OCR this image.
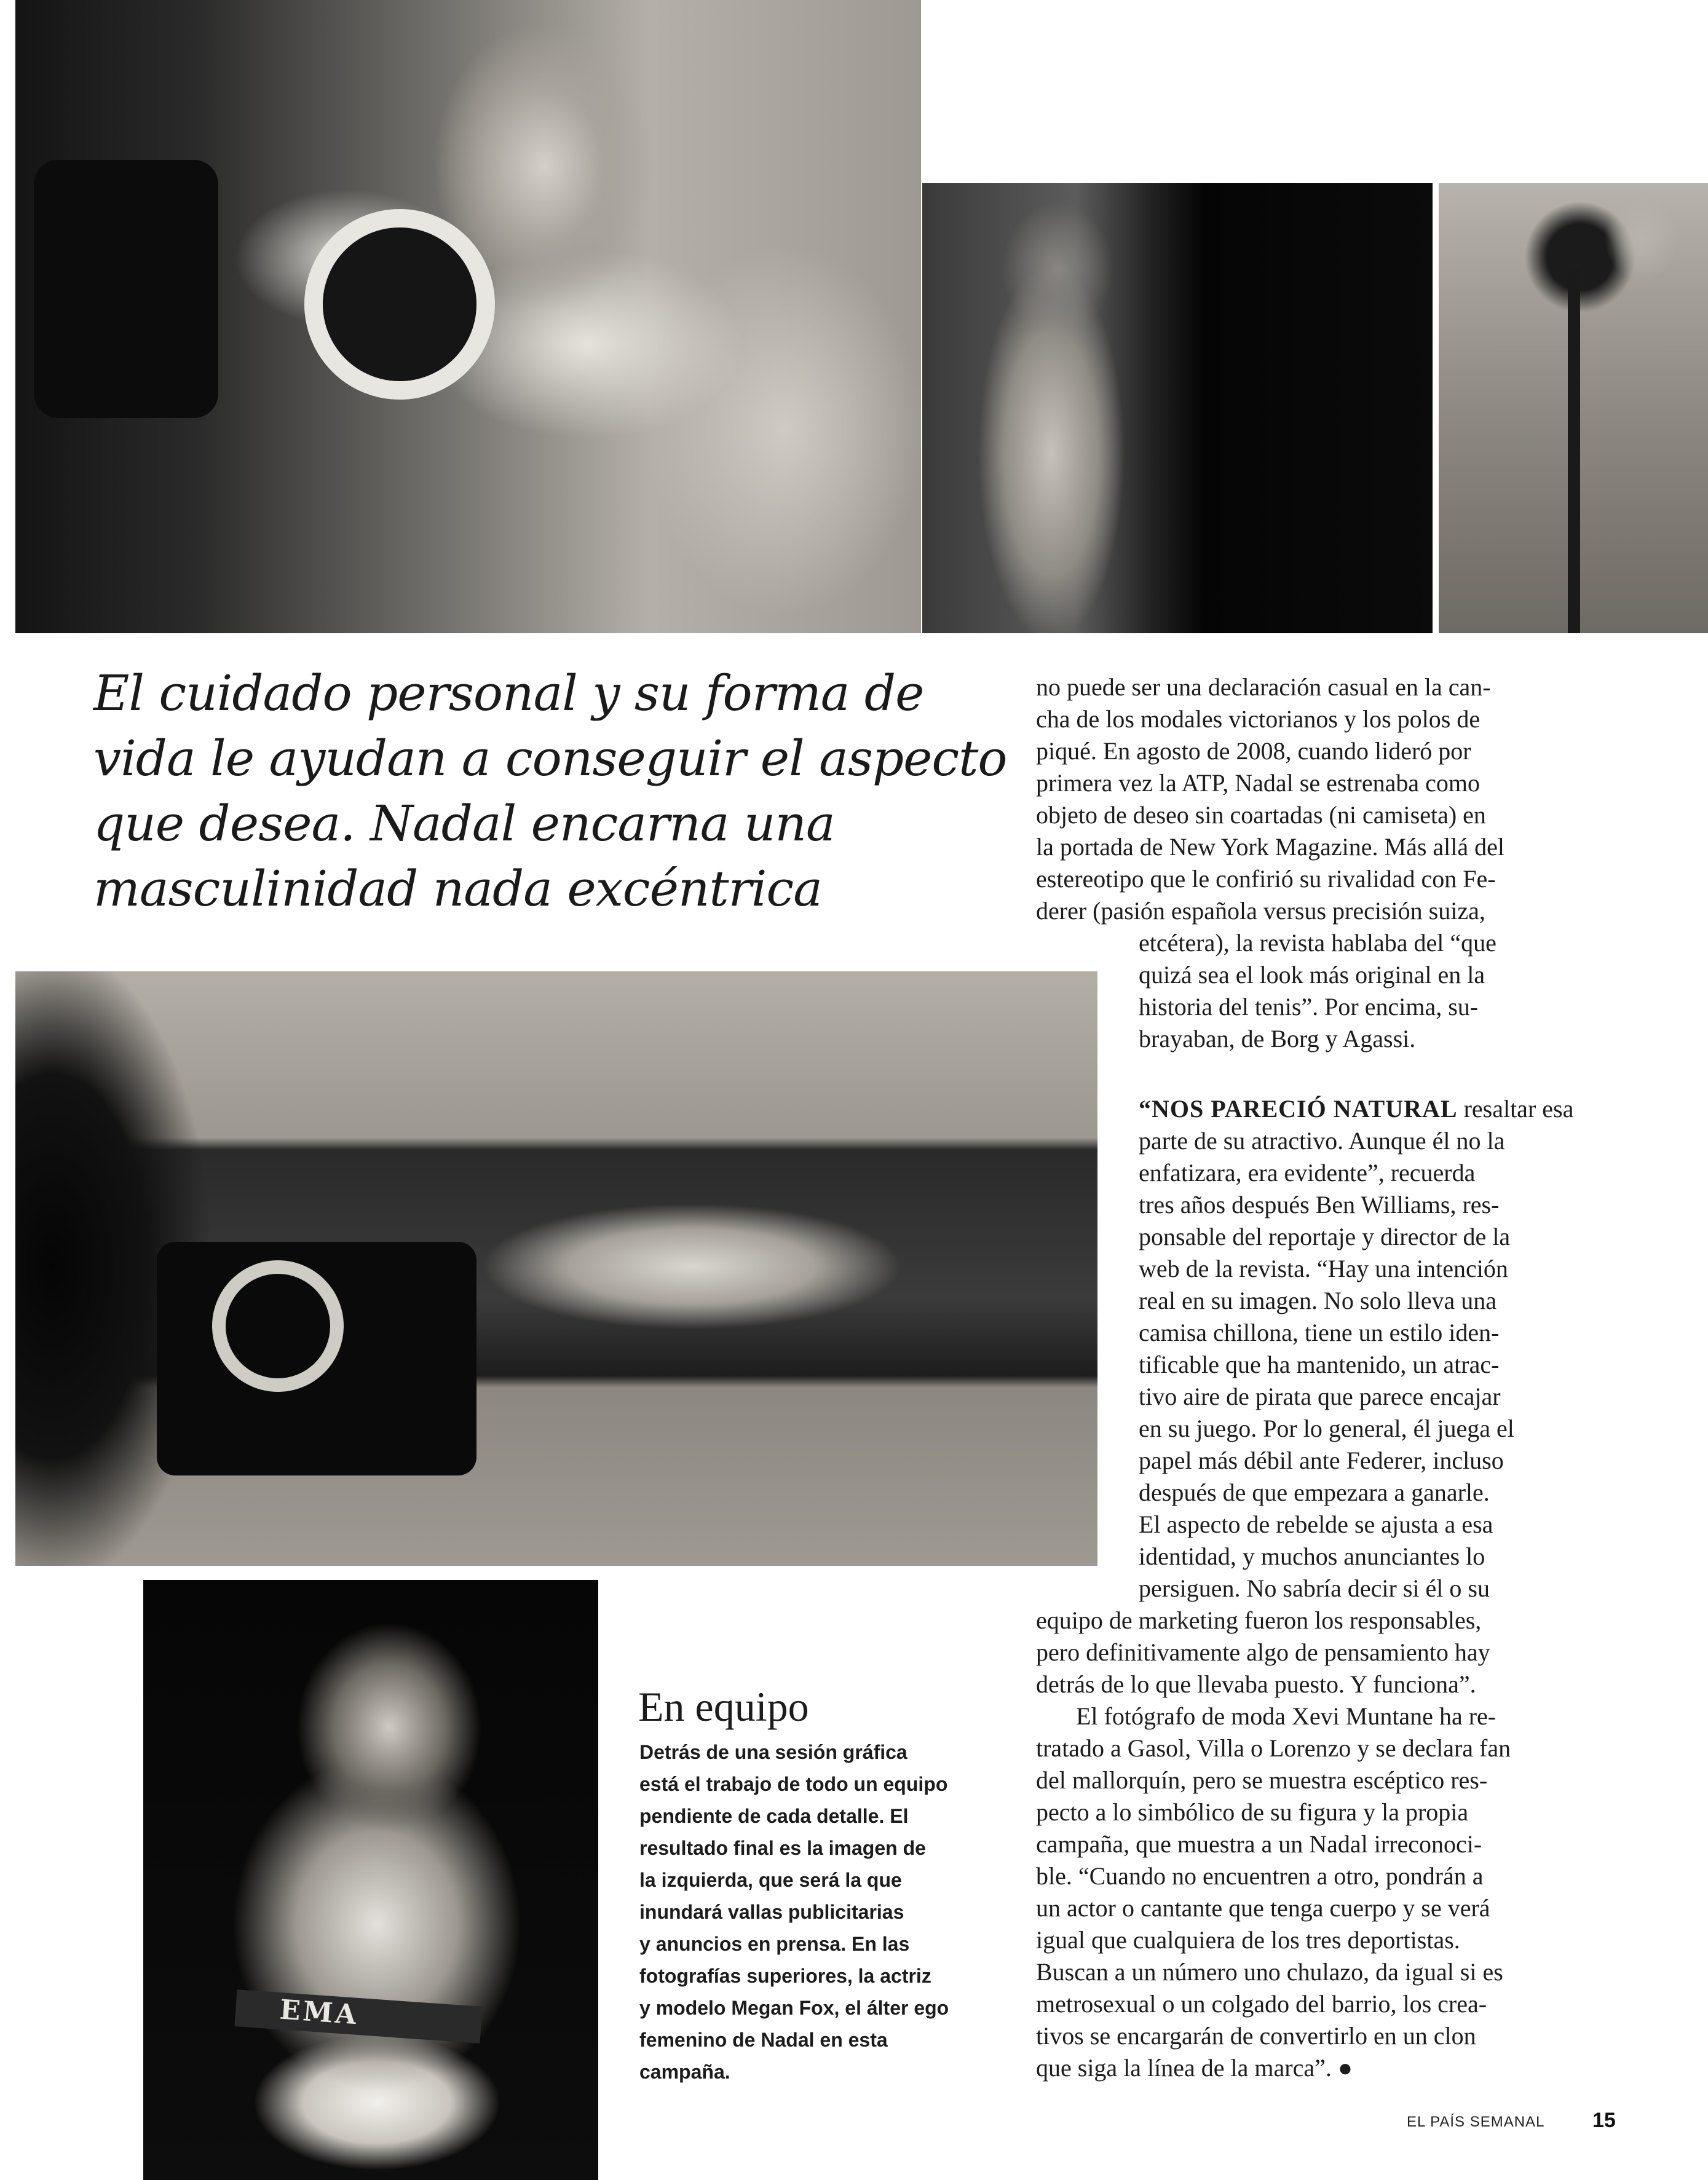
EMA

El cuidado personal y su forma de
vida le ayudan a conseguir el aspecto
que desea. Nadal encarna una
masculinidad nada excéntrica

no puede ser una declaración casual en la can-
cha de los modales victorianos y los polos de
piqué. En agosto de 2008, cuando lideró por
primera vez la ATP, Nadal se estrenaba como
objeto de deseo sin coartadas (ni camiseta) en
la portada de New York Magazine. Más allá del
estereotipo que le confirió su rivalidad con Fe-
derer (pasión española versus precisión suiza,
etcétera), la revista hablaba del “que
quizá sea el look más original en la
historia del tenis”. Por encima, su-
brayaban, de Borg y Agassi.
“NOS PARECIÓ NATURAL resaltar esa
parte de su atractivo. Aunque él no la
enfatizara, era evidente”, recuerda
tres años después Ben Williams, res-
ponsable del reportaje y director de la
web de la revista. “Hay una intención
real en su imagen. No solo lleva una
camisa chillona, tiene un estilo iden-
tificable que ha mantenido, un atrac-
tivo aire de pirata que parece encajar
en su juego. Por lo general, él juega el
papel más débil ante Federer, incluso
después de que empezara a ganarle.
El aspecto de rebelde se ajusta a esa
identidad, y muchos anunciantes lo
persiguen. No sabría decir si él o su
equipo de marketing fueron los responsables,
pero definitivamente algo de pensamiento hay
detrás de lo que llevaba puesto. Y funciona”.
El fotógrafo de moda Xevi Muntane ha re-
tratado a Gasol, Villa o Lorenzo y se declara fan
del mallorquín, pero se muestra escéptico res-
pecto a lo simbólico de su figura y la propia
campaña, que muestra a un Nadal irreconoci-
ble. “Cuando no encuentren a otro, pondrán a
un actor o cantante que tenga cuerpo y se verá
igual que cualquiera de los tres deportistas.
Buscan a un número uno chulazo, da igual si es
metrosexual o un colgado del barrio, los crea-
tivos se encargarán de convertirlo en un clon
que siga la línea de la marca”. ●
En equipo
Detrás de una sesión gráfica
está el trabajo de todo un equipo
pendiente de cada detalle. El
resultado final es la imagen de
la izquierda, que será la que
inundará vallas publicitarias
y anuncios en prensa. En las
fotografías superiores, la actriz
y modelo Megan Fox, el álter ego
femenino de Nadal en esta
campaña.
EL PAÍS SEMANAL 15
